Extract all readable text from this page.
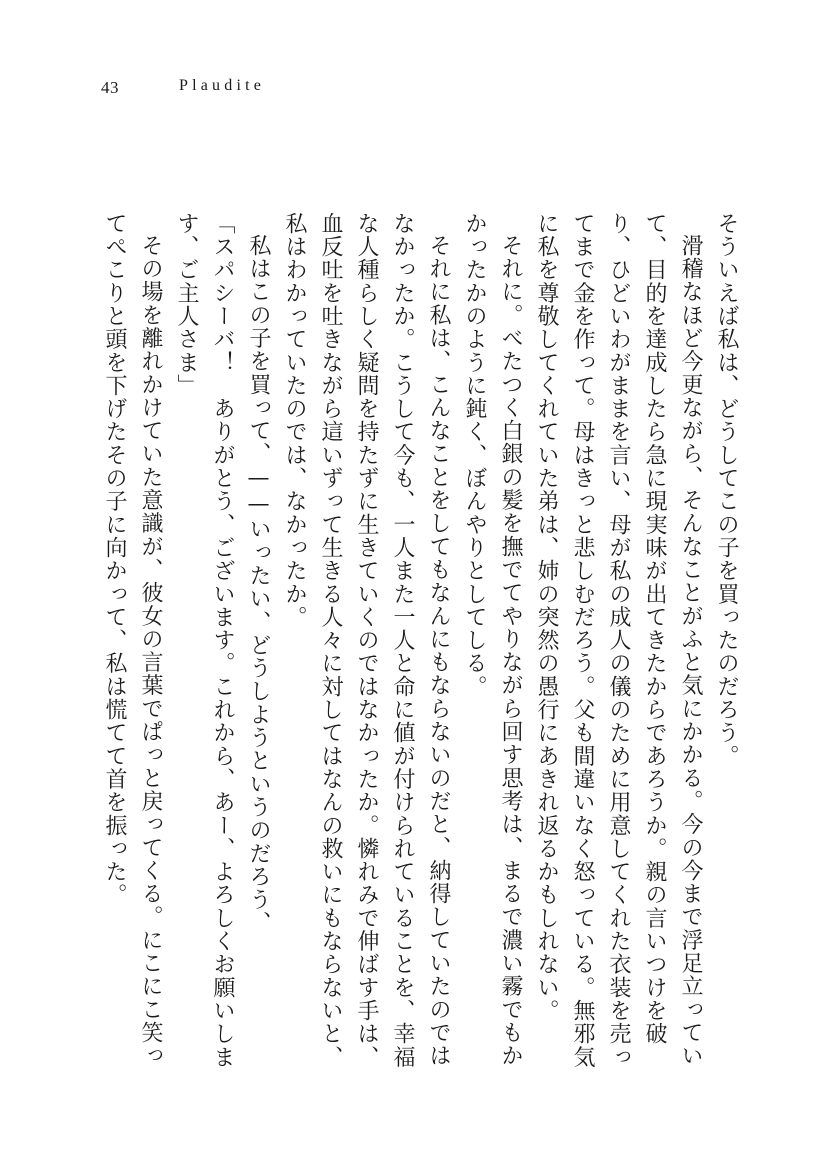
43	Plaudite

そういえば私は、どうしてこの子を買ったのだろう。

滑稽なほど今更ながら、そんなことがふと気にかかる。今の今まで浮足立っていて、目的を達成したら急に現実味が出てきたからであろうか。親の言いつけを破り、ひどいわがままを言い、母が私の成人の儀のために用意してくれた衣装を売ってまで金を作って。母はきっと悲しむだろう。父も間違いなく怒っている。無邪気に私を尊敬してくれていた弟は、姉の突然の愚行にあきれ返るかもしれない。

それに。べたつく白銀の髪を撫でてやりながら回す思考は、まるで濃い霧でもかかったかのように鈍く、ぼんやりとしてしる。

それに私は、こんなことをしてもなんにもならないのだと、納得していたのではなかったか。こうして今も、一人また一人と命に値が付けられていることを、幸福な人種らしく疑問を持たずに生きていくのではなかったか。憐れみで伸ばす手は、血反吐を吐きながら這いずって生きる人々に対してはなんの救いにもならないと、私はわかっていたのでは、なかったか。

私はこの子を買って、——いったい、どうしようというのだろう、

「スパシーバ！　ありがとう、ございます。これから、あー、よろしくお願いします、ご主人さま」

その場を離れかけていた意識が、彼女の言葉でぱっと戻ってくる。にこにこ笑ってぺこりと頭を下げたその子に向かって、私は慌てて首を振った。
